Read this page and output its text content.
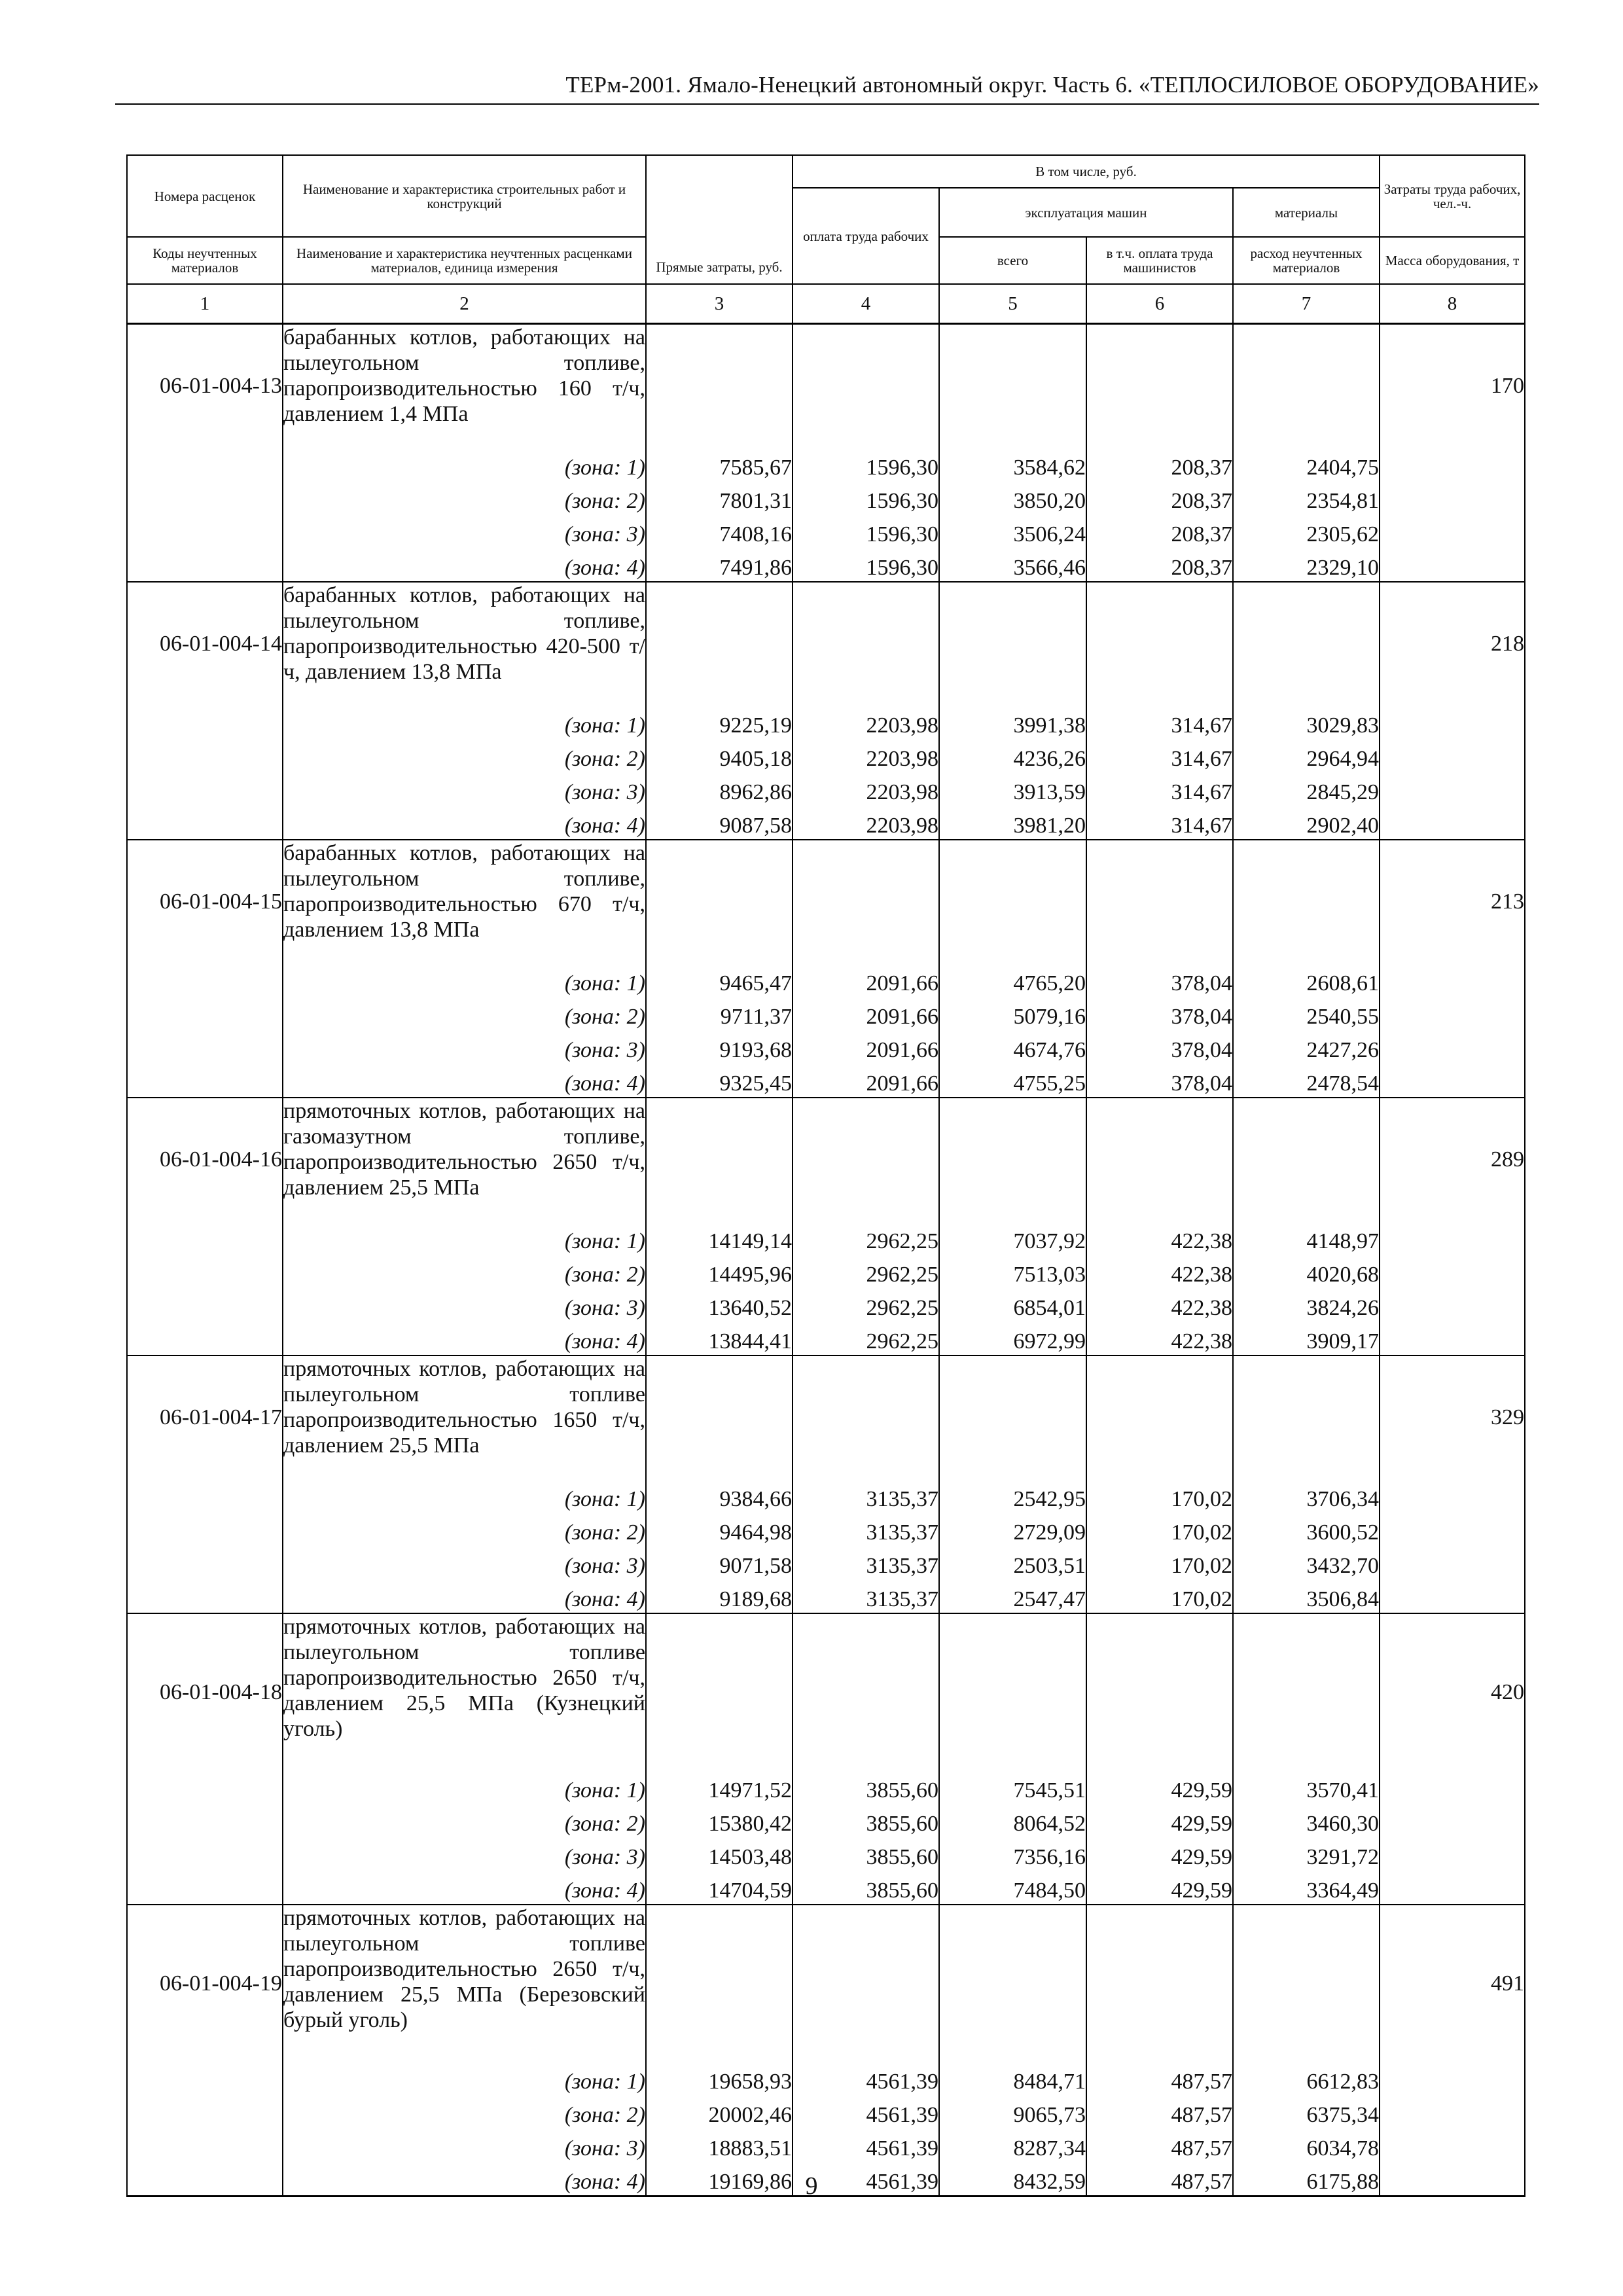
ТЕРм-2001. Ямало-Ненецкий автономный округ. Часть 6. «ТЕПЛОСИЛОВОЕ ОБОРУДОВАНИЕ»
Номера расценок	Наименование и характеристика строительных работ и конструкций	Прямые затраты, руб.	В том числе, руб.				Затраты труда рабочих, чел.-ч.
			оплата труда рабочих	эксплуатация машин		материалы	
Коды неучтенных материалов	Наименование и характеристика неучтенных расценками материалов, единица измерения			всего	в т.ч. оплата труда машинистов	расход неучтенных материалов	Масса оборудования, т
1	2	3	4	5	6	7	8
06-01-004-13	барабанных котлов, работающих на пылеугольном топливе, паропроизводительностью 160 т/ч, давлением 1,4 МПа						170
	(зона: 1)	7585,67	1596,30	3584,62	208,37	2404,75	
	(зона: 2)	7801,31	1596,30	3850,20	208,37	2354,81	
	(зона: 3)	7408,16	1596,30	3506,24	208,37	2305,62	
	(зона: 4)	7491,86	1596,30	3566,46	208,37	2329,10	
06-01-004-14	барабанных котлов, работающих на пылеугольном топливе, паропроизводительностью 420-500 т/ч, давлением 13,8 МПа						218
	(зона: 1)	9225,19	2203,98	3991,38	314,67	3029,83	
	(зона: 2)	9405,18	2203,98	4236,26	314,67	2964,94	
	(зона: 3)	8962,86	2203,98	3913,59	314,67	2845,29	
	(зона: 4)	9087,58	2203,98	3981,20	314,67	2902,40	
06-01-004-15	барабанных котлов, работающих на пылеугольном топливе, паропроизводительностью 670 т/ч, давлением 13,8 МПа						213
	(зона: 1)	9465,47	2091,66	4765,20	378,04	2608,61	
	(зона: 2)	9711,37	2091,66	5079,16	378,04	2540,55	
	(зона: 3)	9193,68	2091,66	4674,76	378,04	2427,26	
	(зона: 4)	9325,45	2091,66	4755,25	378,04	2478,54	
06-01-004-16	прямоточных котлов, работающих на газомазутном топливе, паропроизводительностью 2650 т/ч, давлением 25,5 МПа						289
	(зона: 1)	14149,14	2962,25	7037,92	422,38	4148,97	
	(зона: 2)	14495,96	2962,25	7513,03	422,38	4020,68	
	(зона: 3)	13640,52	2962,25	6854,01	422,38	3824,26	
	(зона: 4)	13844,41	2962,25	6972,99	422,38	3909,17	
06-01-004-17	прямоточных котлов, работающих на пылеугольном топливе паропроизводительностью 1650 т/ч, давлением 25,5 МПа						329
	(зона: 1)	9384,66	3135,37	2542,95	170,02	3706,34	
	(зона: 2)	9464,98	3135,37	2729,09	170,02	3600,52	
	(зона: 3)	9071,58	3135,37	2503,51	170,02	3432,70	
	(зона: 4)	9189,68	3135,37	2547,47	170,02	3506,84	
06-01-004-18	прямоточных котлов, работающих на пылеугольном топливе паропроизводительностью 2650 т/ч, давлением 25,5 МПа (Кузнецкий уголь)						420
	(зона: 1)	14971,52	3855,60	7545,51	429,59	3570,41	
	(зона: 2)	15380,42	3855,60	8064,52	429,59	3460,30	
	(зона: 3)	14503,48	3855,60	7356,16	429,59	3291,72	
	(зона: 4)	14704,59	3855,60	7484,50	429,59	3364,49	
06-01-004-19	прямоточных котлов, работающих на пылеугольном топливе паропроизводительностью 2650 т/ч, давлением 25,5 МПа (Березовский бурый уголь)						491
	(зона: 1)	19658,93	4561,39	8484,71	487,57	6612,83	
	(зона: 2)	20002,46	4561,39	9065,73	487,57	6375,34	
	(зона: 3)	18883,51	4561,39	8287,34	487,57	6034,78	
	(зона: 4)	19169,86	4561,39	8432,59	487,57	6175,88	
9
